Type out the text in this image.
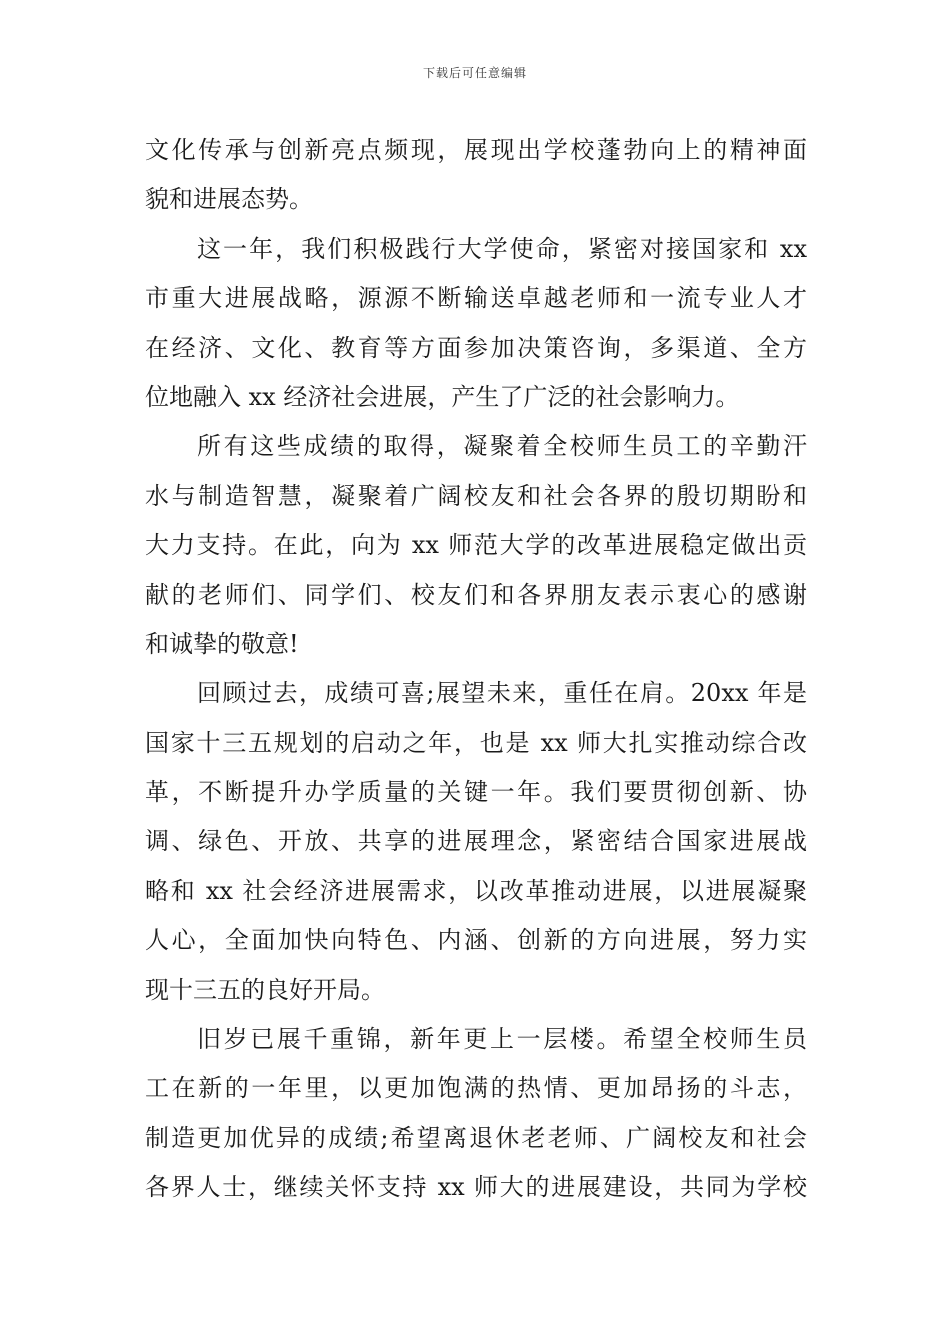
下载后可任意编辑
文化传承与创新亮点频现，展现出学校蓬勃向上的精神面
貌和进展态势。
这一年，我们积极践行大学使命，紧密对接国家和 xx
市重大进展战略，源源不断输送卓越老师和一流专业人才
在经济、文化、教育等方面参加决策咨询，多渠道、全方
位地融入 xx 经济社会进展，产生了广泛的社会影响力。
所有这些成绩的取得，凝聚着全校师生员工的辛勤汗
水与制造智慧，凝聚着广阔校友和社会各界的殷切期盼和
大力支持。在此，向为 xx 师范大学的改革进展稳定做出贡
献的老师们、同学们、校友们和各界朋友表示衷心的感谢
和诚挚的敬意!
回顾过去，成绩可喜;展望未来，重任在肩。20xx 年是
国家十三五规划的启动之年，也是 xx 师大扎实推动综合改
革，不断提升办学质量的关键一年。我们要贯彻创新、协
调、绿色、开放、共享的进展理念，紧密结合国家进展战
略和 xx 社会经济进展需求，以改革推动进展，以进展凝聚
人心，全面加快向特色、内涵、创新的方向进展，努力实
现十三五的良好开局。
旧岁已展千重锦，新年更上一层楼。希望全校师生员
工在新的一年里，以更加饱满的热情、更加昂扬的斗志，
制造更加优异的成绩;希望离退休老老师、广阔校友和社会
各界人士，继续关怀支持 xx 师大的进展建设，共同为学校
